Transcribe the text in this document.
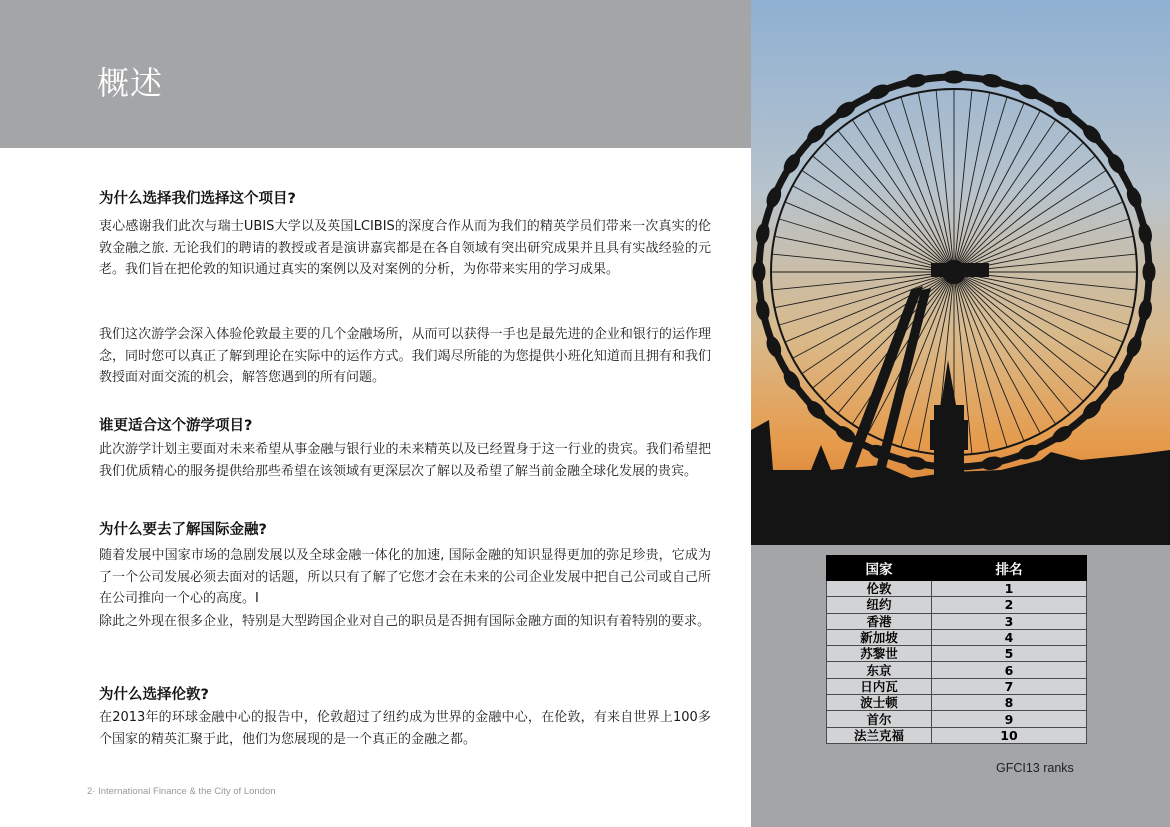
概述
为什么选择我们选择这个项目?
衷心感谢我们此次与瑞士UBIS大学以及英国LCIBIS的深度合作从而为我们的精英学员们带来一次真实的伦敦金融之旅. 无论我们的聘请的教授或者是演讲嘉宾都是在各自领域有突出研究成果并且具有实战经验的元老。我们旨在把伦敦的知识通过真实的案例以及对案例的分析，为你带来实用的学习成果。
我们这次游学会深入体验伦敦最主要的几个金融场所，从而可以获得一手也是最先进的企业和银行的运作理念，同时您可以真正了解到理论在实际中的运作方式。我们竭尽所能的为您提供小班化知道而且拥有和我们教授面对面交流的机会，解答您遇到的所有问题。
谁更适合这个游学项目?
此次游学计划主要面对未来希望从事金融与银行业的未来精英以及已经置身于这一行业的贵宾。我们希望把我们优质精心的服务提供给那些希望在该领域有更深层次了解以及希望了解当前金融全球化发展的贵宾。
为什么要去了解国际金融?
随着发展中国家市场的急剧发展以及全球金融一体化的加速, 国际金融的知识显得更加的弥足珍贵，它成为了一个公司发展必须去面对的话题，所以只有了解了它您才会在未来的公司企业发展中把自己公司或自己所在公司推向一个心的高度。I
除此之外现在很多企业，特别是大型跨国企业对自己的职员是否拥有国际金融方面的知识有着特别的要求。
为什么选择伦敦?
在2013年的环球金融中心的报告中，伦敦超过了纽约成为世界的金融中心，在伦敦，有来自世界上100多个国家的精英汇聚于此，他们为您展现的是一个真正的金融之都。
2· International Finance & the City of London
国家	排名
伦敦	1
纽约	2
香港	3
新加坡	4
苏黎世	5
东京	6
日内瓦	7
波士顿	8
首尔	9
法兰克福	10
GFCI13 ranks
